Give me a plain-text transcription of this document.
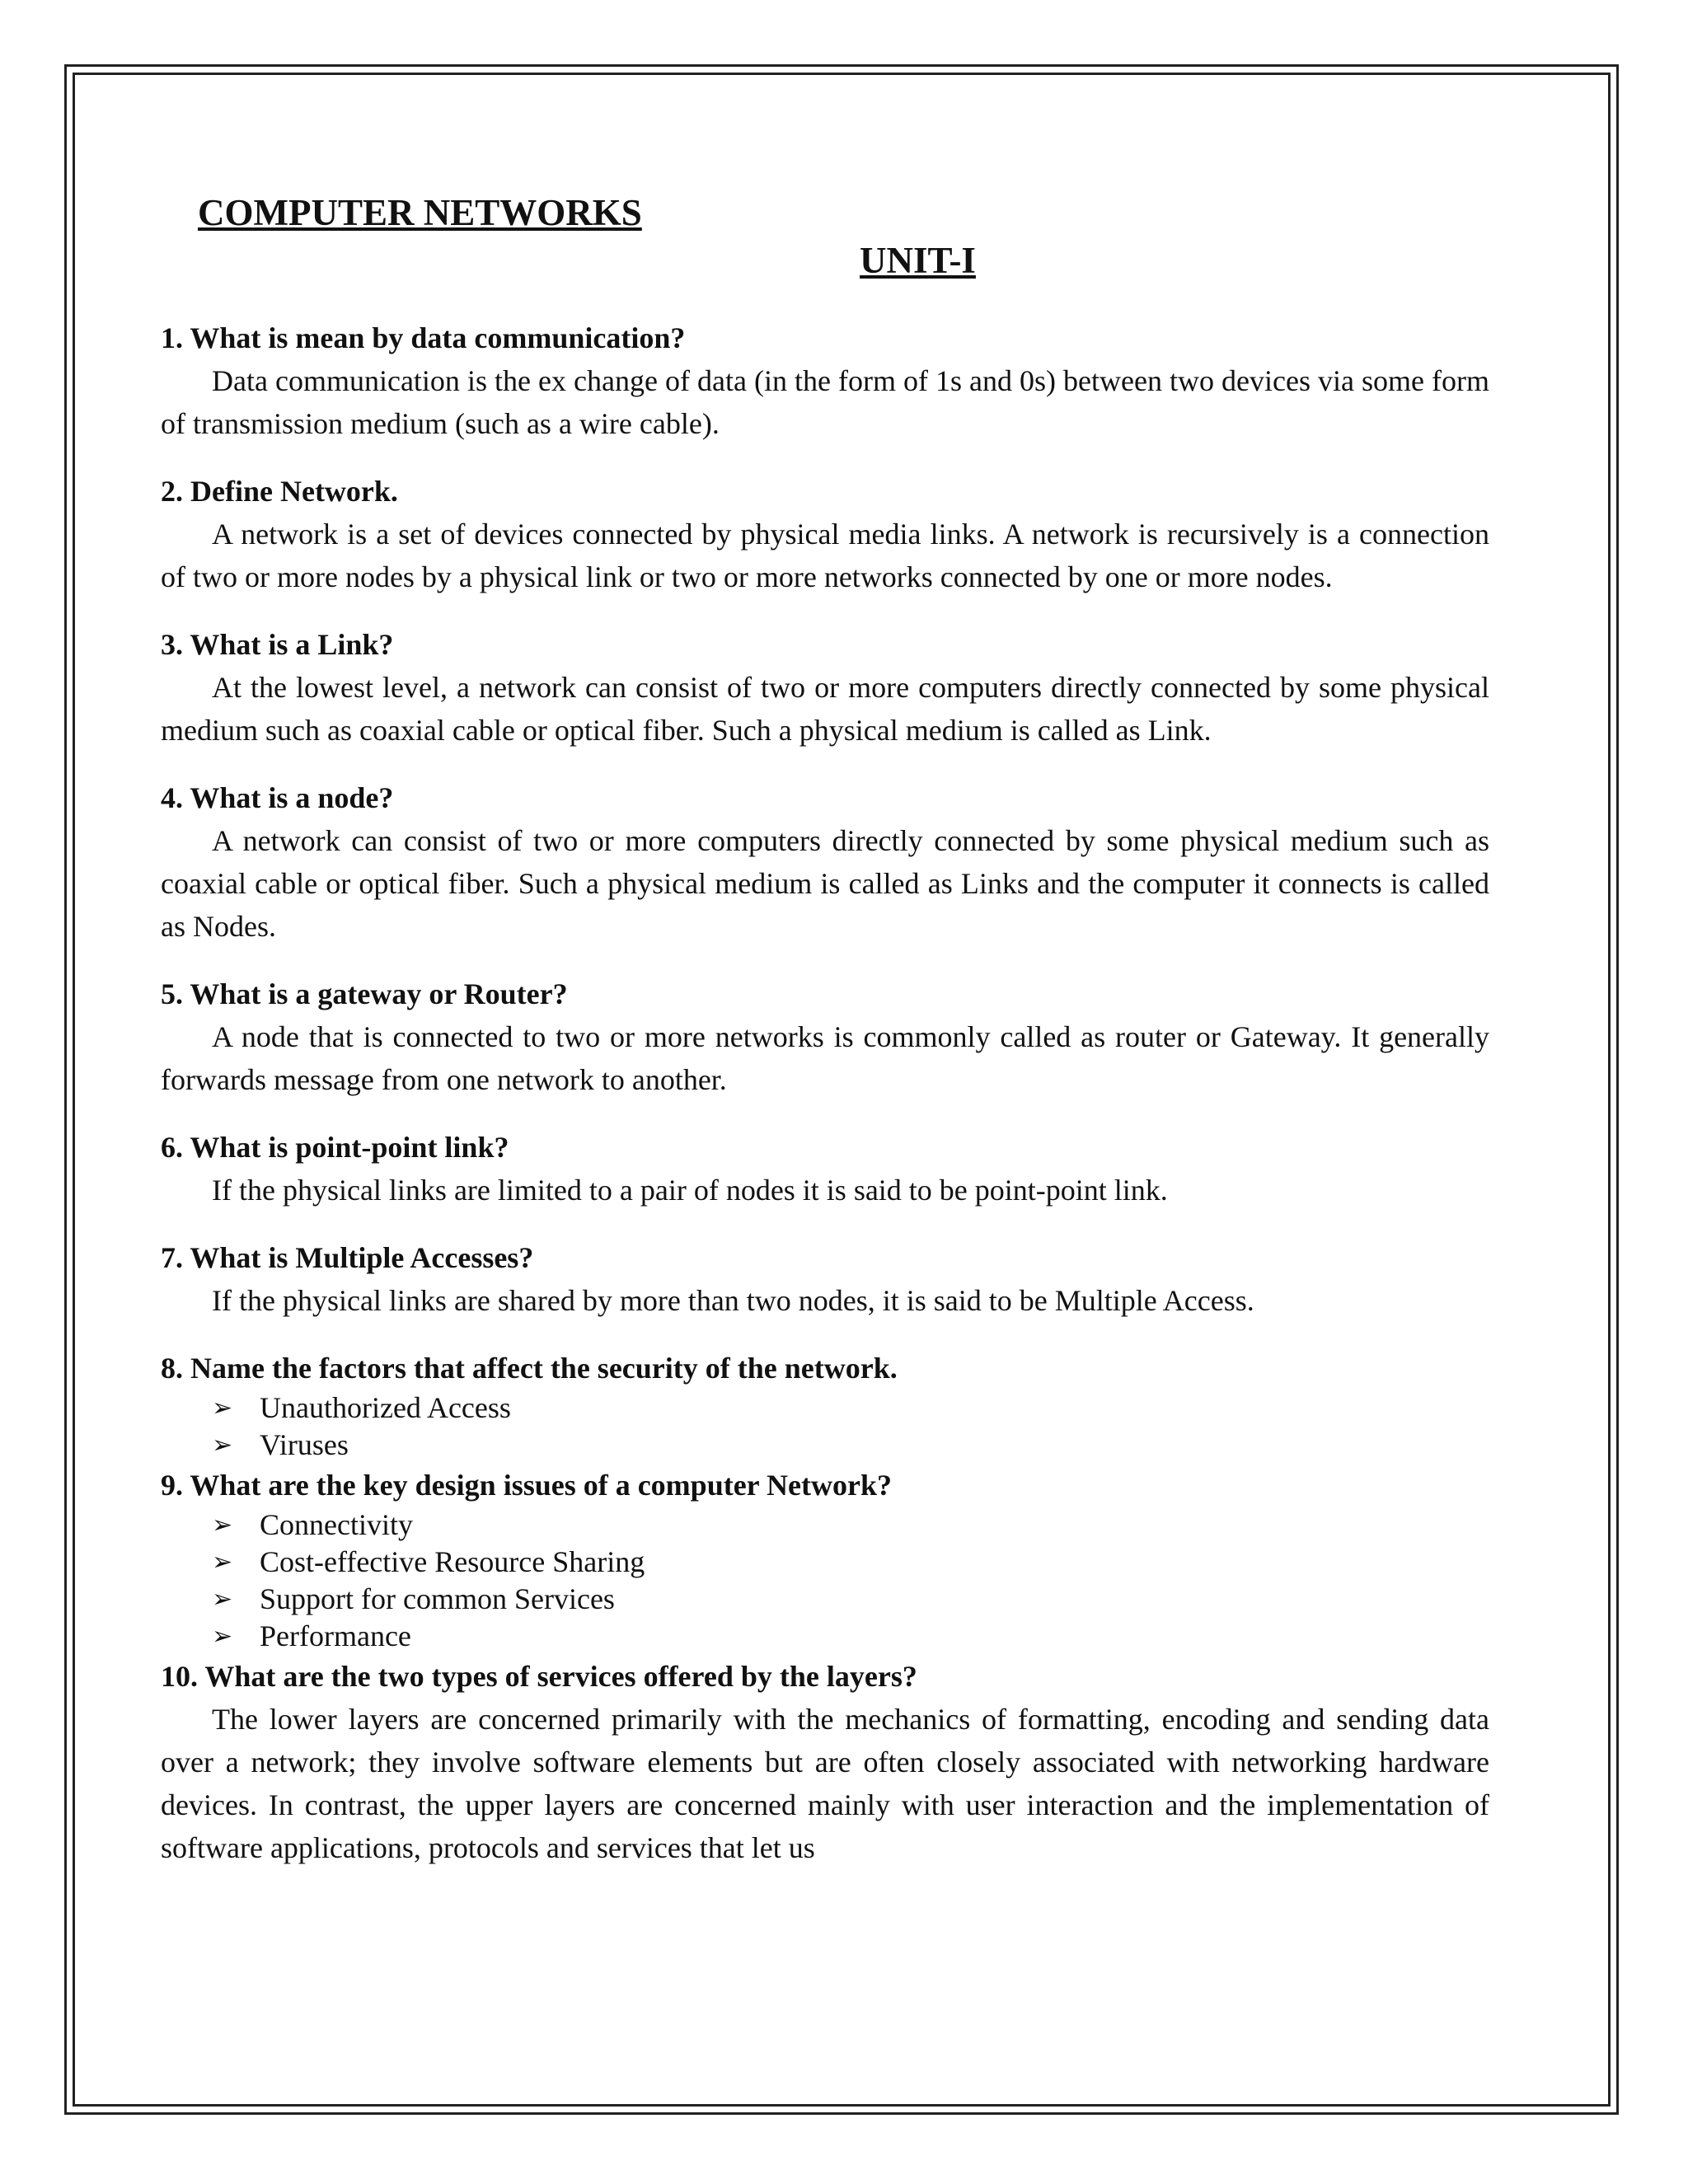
COMPUTER NETWORKS
UNIT-I

1. What is mean by data communication?

Data communication is the ex change of data (in the form of 1s and 0s) between two devices via some form of transmission medium (such as a wire cable).

2. Define Network.

A network is a set of devices connected by physical media links. A network is recursively is a connection of two or more nodes by a physical link or two or more networks connected by one or more nodes.

3. What is a Link?

At the lowest level, a network can consist of two or more computers directly connected by some physical medium such as coaxial cable or optical fiber. Such a physical medium is called as Link.

4. What is a node?

A network can consist of two or more computers directly connected by some physical medium such as coaxial cable or optical fiber. Such a physical medium is called as Links and the computer it connects is called as Nodes.

5. What is a gateway or Router?

A node that is connected to two or more networks is commonly called as router or Gateway. It generally forwards message from one network to another.

6. What is point-point link?

If the physical links are limited to a pair of nodes it is said to be point-point link.

7. What is Multiple Accesses?

If the physical links are shared by more than two nodes, it is said to be Multiple Access.

8. Name the factors that affect the security of the network.

➢ Unauthorized Access
➢ Viruses

9. What are the key design issues of a computer Network?

➢ Connectivity
➢ Cost-effective Resource Sharing
➢ Support for common Services
➢ Performance

10. What are the two types of services offered by the layers?

The lower layers are concerned primarily with the mechanics of formatting, encoding and sending data over a network; they involve software elements but are often closely associated with networking hardware devices. In contrast, the upper layers are concerned mainly with user interaction and the implementation of software applications, protocols and services that let us
